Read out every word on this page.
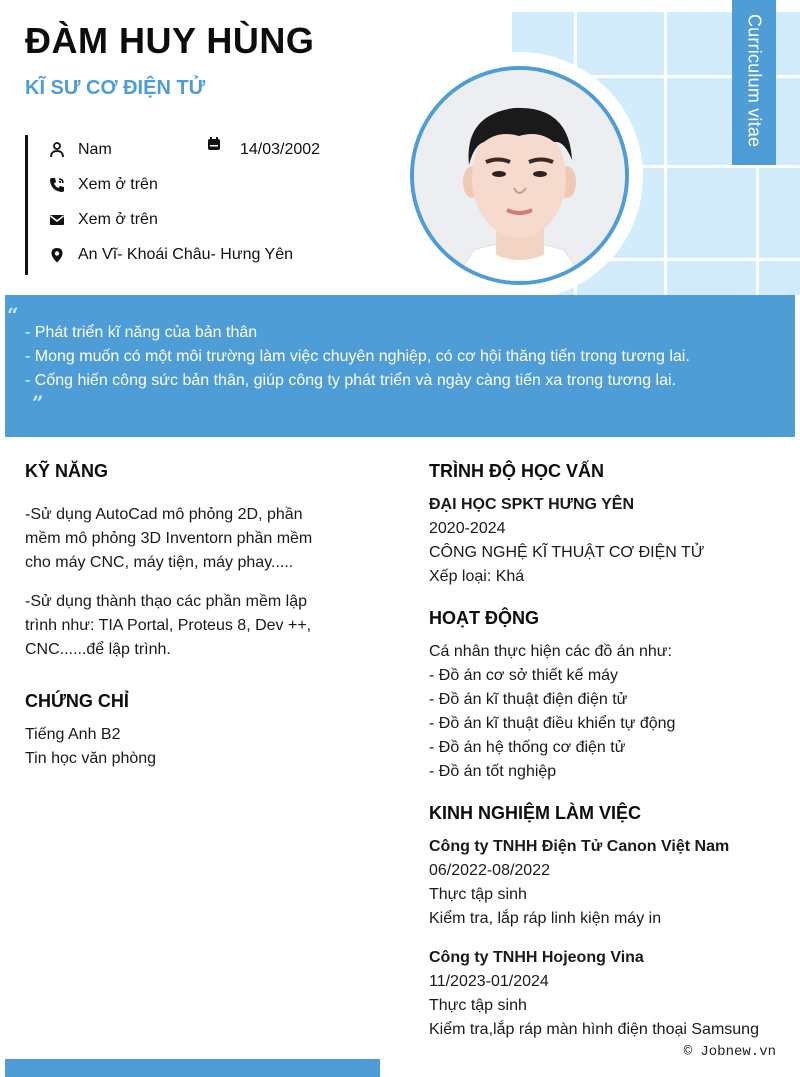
Curriculum vitae
ĐÀM HUY HÙNG
KĨ SƯ CƠ ĐIỆN TỬ
Nam	14/03/2002
Xem ở trên
Xem ở trên
An Vĩ- Khoái Châu- Hưng Yên
“
- Phát triển kĩ năng của bản thân
- Mong muốn có một môi trường làm việc chuyên nghiệp, có cơ hội thăng tiến trong tương lai.
- Cống hiến công sức bản thân, giúp công ty phát triển và ngày càng tiến xa trong tương lai.
”
KỸ NĂNG
-Sử dụng AutoCad mô phỏng 2D, phần
mềm mô phỏng 3D Inventorn phần mềm
cho máy CNC, máy tiện, máy phay.....
-Sử dụng thành thạo các phần mềm lập
trình như: TIA Portal, Proteus 8, Dev ++,
CNC......để lập trình.
CHỨNG CHỈ
Tiếng Anh B2
Tin học văn phòng
TRÌNH ĐỘ HỌC VẤN
ĐẠI HỌC SPKT HƯNG YÊN
2020-2024
CÔNG NGHỆ KĨ THUẬT CƠ ĐIỆN TỬ
Xếp loại: Khá
HOẠT ĐỘNG
Cá nhân thực hiện các đồ án như:
- Đồ án cơ sở thiết kế máy
- Đồ án kĩ thuật điện điện tử
- Đồ án kĩ thuật điều khiển tự động
- Đồ án hệ thống cơ điện tử
- Đồ án tốt nghiệp
KINH NGHIỆM LÀM VIỆC
Công ty TNHH Điện Tử Canon Việt Nam
06/2022-08/2022
Thực tập sinh
Kiểm tra, lắp ráp linh kiện máy in
Công ty TNHH Hojeong Vina
11/2023-01/2024
Thực tập sinh
Kiểm tra,lắp ráp màn hình điện thoại Samsung
© Jobnew.vn
